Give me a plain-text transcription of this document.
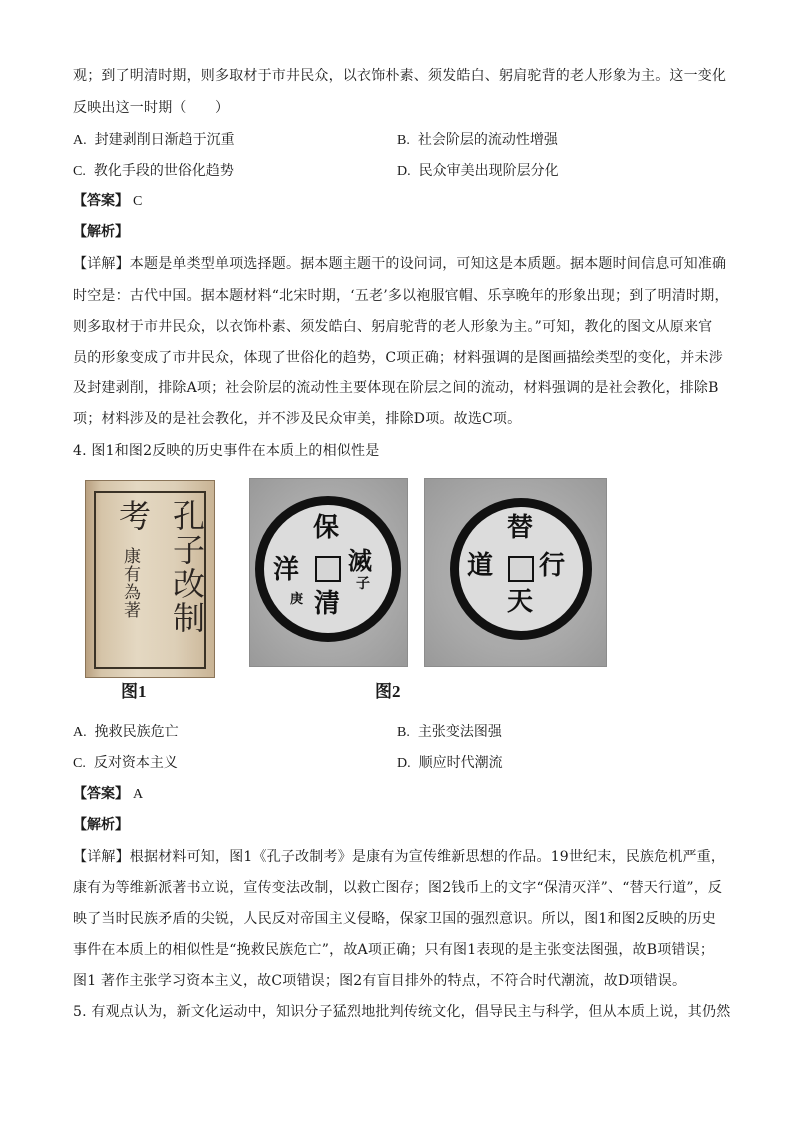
观；到了明清时期，则多取材于市井民众，以衣饰朴素、须发皓白、躬肩驼背的老人形象为主。这一变化
反映出这一时期（　　）
A. 封建剥削日渐趋于沉重	B. 社会阶层的流动性增强
C. 教化手段的世俗化趋势	D. 民众审美出现阶层分化
【答案】 C
【解析】
【详解】本题是单类型单项选择题。据本题主题干的设问词，可知这是本质题。据本题时间信息可知准确
时空是：古代中国。据本题材料“北宋时期，‘五老’多以袍服官帽、乐享晚年的形象出现；到了明清时期，
则多取材于市井民众，以衣饰朴素、须发皓白、躬肩驼背的老人形象为主。”可知，教化的图文从原来官
员的形象变成了市井民众，体现了世俗化的趋势，C项正确；材料强调的是图画描绘类型的变化，并未涉
及封建剥削，排除A项；社会阶层的流动性主要体现在阶层之间的流动，材料强调的是社会教化，排除B
项；材料涉及的是社会教化，并不涉及民众审美，排除D项。故选C项。
4. 图1和图2反映的历史事件在本质上的相似性是
孔子改制
考
康有為著
图1
保
洋 滅
子
清
庚
替
道 行
天
图2
A. 挽救民族危亡	B. 主张变法图强
C. 反对资本主义	D. 顺应时代潮流
【答案】 A
【解析】
【详解】根据材料可知，图1《孔子改制考》是康有为宣传维新思想的作品。19世纪末，民族危机严重，
康有为等维新派著书立说，宣传变法改制，以救亡图存；图2钱币上的文字“保清灭洋”、“替天行道”，反
映了当时民族矛盾的尖锐，人民反对帝国主义侵略，保家卫国的强烈意识。所以，图1和图2反映的历史
事件在本质上的相似性是“挽救民族危亡”，故A项正确；只有图1表现的是主张变法图强，故B项错误；
图1 著作主张学习资本主义，故C项错误；图2有盲目排外的特点，不符合时代潮流，故D项错误。
5. 有观点认为，新文化运动中，知识分子猛烈地批判传统文化，倡导民主与科学，但从本质上说，其仍然
